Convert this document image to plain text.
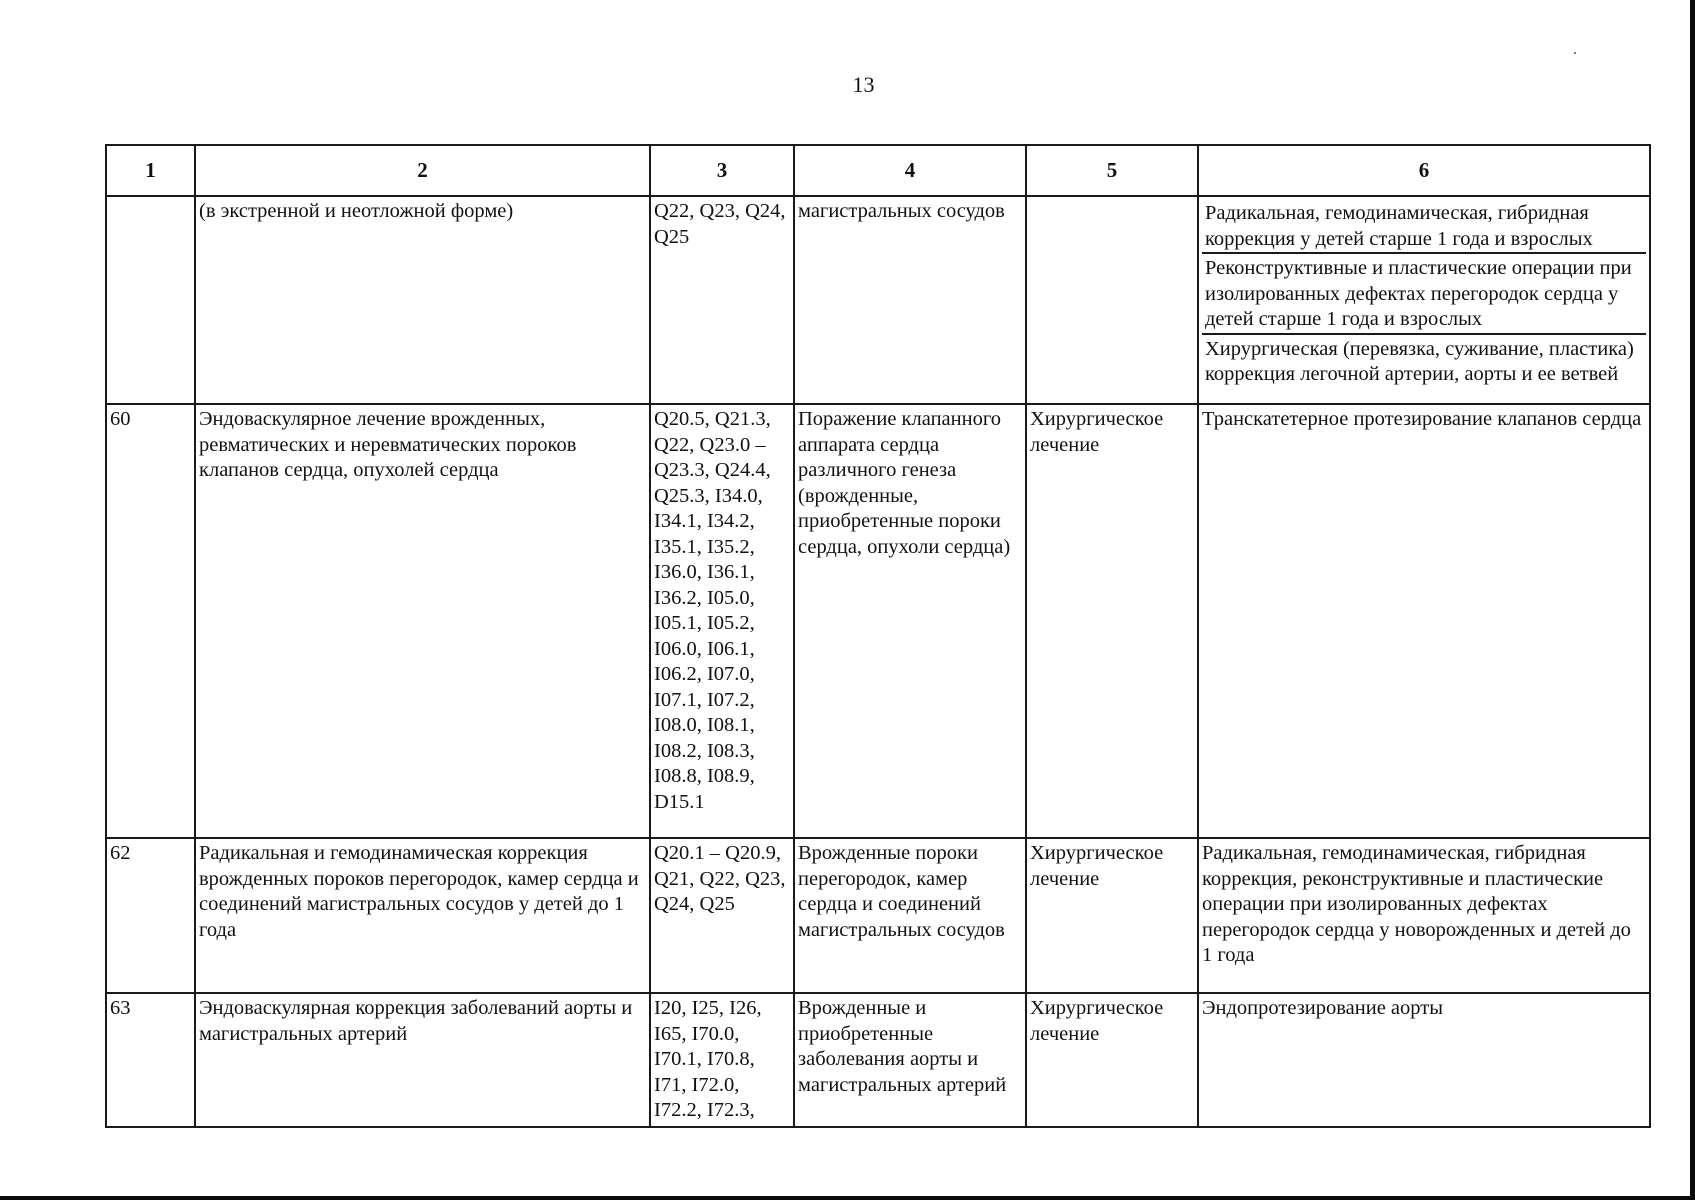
13
1	2	3	4	5	6
	(в экстренной и неотложной форме)	Q22, Q23, Q24, Q25	магистральных сосудов		Радикальная, гемодинамическая, гибридная коррекция у детей старше 1 года и взрослых
Реконструктивные и пластические операции при изолированных дефектах перегородок сердца у детей старше 1 года и взрослых
Хирургическая (перевязка, суживание, пластика) коррекция легочной артерии, аорты и ее ветвей

60	Эндоваскулярное лечение врожденных, ревматических и неревматических пороков клапанов сердца, опухолей сердца	Q20.5, Q21.3, Q22, Q23.0 – Q23.3, Q24.4, Q25.3, I34.0, I34.1, I34.2, I35.1, I35.2, I36.0, I36.1, I36.2, I05.0, I05.1, I05.2, I06.0, I06.1, I06.2, I07.0, I07.1, I07.2, I08.0, I08.1, I08.2, I08.3, I08.8, I08.9, D15.1	Поражение клапанного аппарата сердца различного генеза (врожденные, приобретенные пороки сердца, опухоли сердца)	Хирургическое лечение	Транскатетерное протезирование клапанов сердца
62	Радикальная и гемодинамическая коррекция врожденных пороков перегородок, камер сердца и соединений магистральных сосудов у детей до 1 года	Q20.1 – Q20.9, Q21, Q22, Q23, Q24, Q25	Врожденные пороки перегородок, камер сердца и соединений магистральных сосудов	Хирургическое лечение	Радикальная, гемодинамическая, гибридная коррекция, реконструктивные и пластические операции при изолированных дефектах перегородок сердца у новорожденных и детей до 1 года
63	Эндоваскулярная коррекция заболеваний аорты и магистральных артерий	I20, I25, I26, I65, I70.0, I70.1, I70.8, I71, I72.0, I72.2, I72.3,	Врожденные и приобретенные заболевания аорты и магистральных артерий	Хирургическое лечение	Эндопротезирование аорты
